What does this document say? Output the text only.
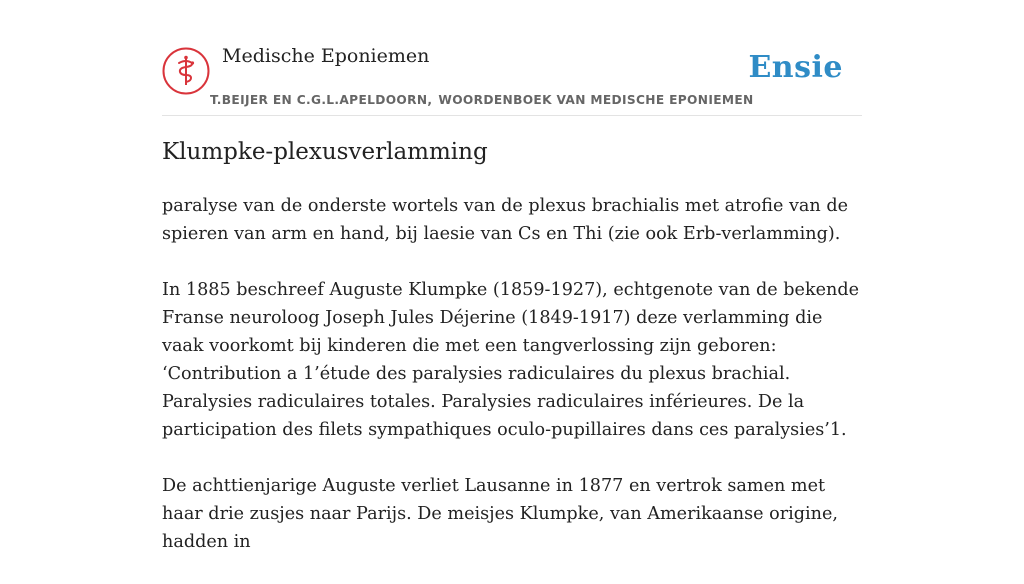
Medische Eponiemen	Ensie
T.BEIJER EN C.G.L.APELDOORN, WOORDENBOEK VAN MEDISCHE EPONIEMEN
Klumpke-plexusverlamming

paralyse van de onderste wortels van de plexus brachialis met atrofie van de spieren van arm en hand, bij laesie van Cs en Thi (zie ook Erb-verlamming).

In 1885 beschreef Auguste Klumpke (1859-1927), echtgenote van de bekende Franse neuroloog Joseph Jules Déjerine (1849-1917) deze verlamming die vaak voorkomt bij kinderen die met een tangverlossing zijn geboren: ‘Contribution a 1’étude des paralysies radiculaires du plexus brachial. Paralysies radiculaires totales. Paralysies radiculaires inférieures. De la participation des filets sympathiques oculo-pupillaires dans ces paralysies’1.

De achttienjarige Auguste verliet Lausanne in 1877 en vertrok samen met haar drie zusjes naar Parijs. De meisjes Klumpke, van Amerikaanse origine, hadden in
